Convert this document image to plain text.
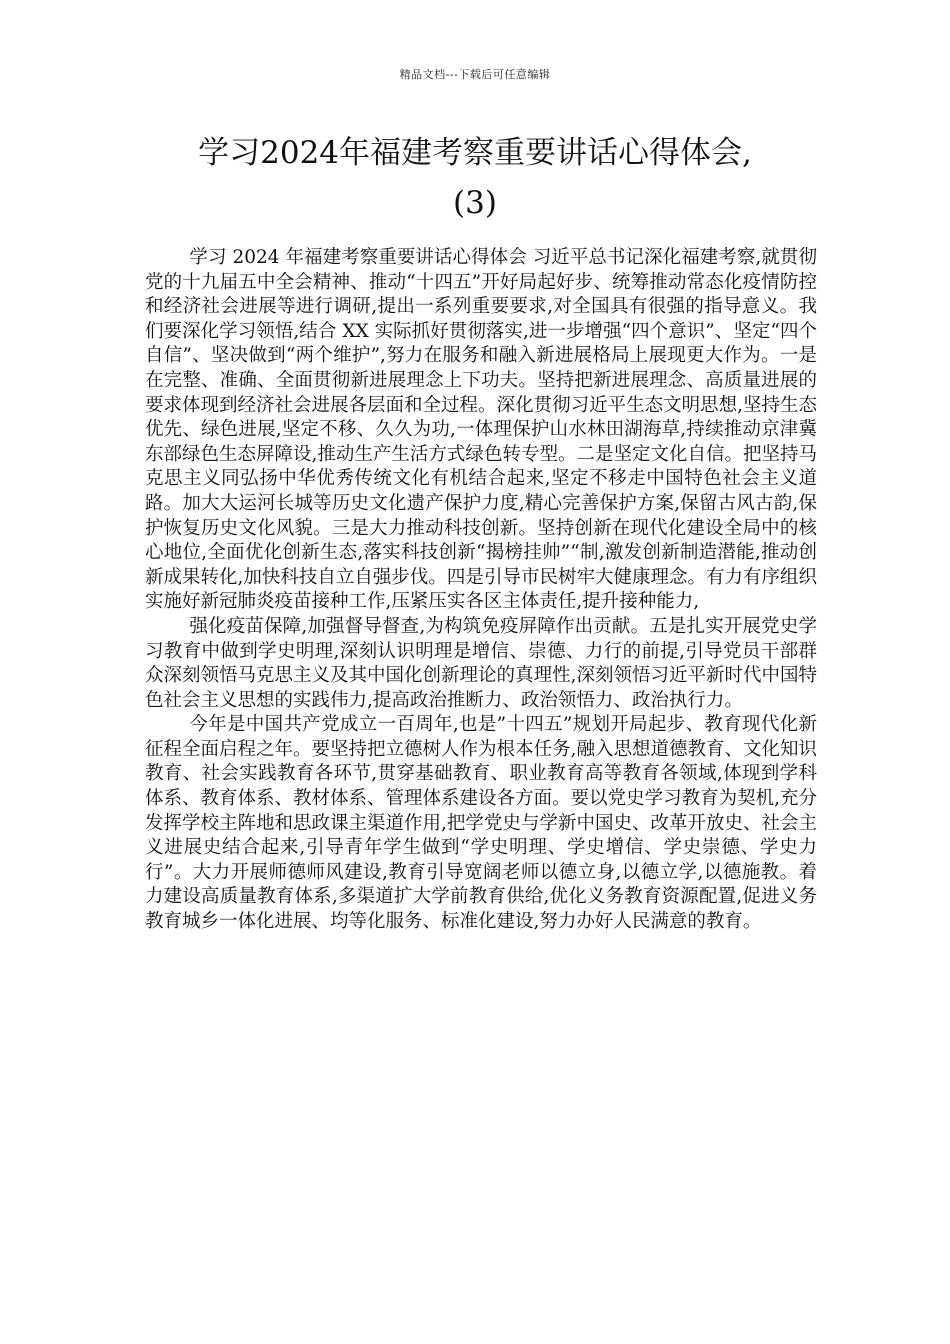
精品文档---下载后可任意编辑
学习2024年福建考察重要讲话心得体会,
(3)

学习 2024 年福建考察重要讲话心得体会 习近平总书记深化福建考察,就贯彻党的十九届五中全会精神、推动“十四五”开好局起好步、统筹推动常态化疫情防控和经济社会进展等进行调研,提出一系列重要要求,对全国具有很强的指导意义。我们要深化学习领悟,结合 XX 实际抓好贯彻落实,进一步增强“四个意识”、坚定“四个自信”、坚决做到“两个维护”,努力在服务和融入新进展格局上展现更大作为。一是在完整、准确、全面贯彻新进展理念上下功夫。坚持把新进展理念、高质量进展的要求体现到经济社会进展各层面和全过程。深化贯彻习近平生态文明思想,坚持生态优先、绿色进展,坚定不移、久久为功,一体理保护山水林田湖海草,持续推动京津冀东部绿色生态屏障设,推动生产生活方式绿色转专型。二是坚定文化自信。把坚持马克思主义同弘扬中华优秀传统文化有机结合起来,坚定不移走中国特色社会主义道路。加大大运河长城等历史文化遗产保护力度,精心完善保护方案,保留古风古韵,保护恢复历史文化风貌。三是大力推动科技创新。坚持创新在现代化建设全局中的核心地位,全面优化创新生态,落实科技创新“揭榜挂帅”“制,激发创新制造潜能,推动创新成果转化,加快科技自立自强步伐。四是引导市民树牢大健康理念。有力有序组织实施好新冠肺炎疫苗接种工作,压紧压实各区主体责任,提升接种能力,

强化疫苗保障,加强督导督查,为构筑免疫屏障作出贡献。五是扎实开展党史学习教育中做到学史明理,深刻认识明理是增信、崇德、力行的前提,引导党员干部群众深刻领悟马克思主义及其中国化创新理论的真理性,深刻领悟习近平新时代中国特色社会主义思想的实践伟力,提高政治推断力、政治领悟力、政治执行力。

今年是中国共产党成立一百周年,也是”十四五”规划开局起步、教育现代化新征程全面启程之年。要坚持把立德树人作为根本任务,融入思想道德教育、文化知识教育、社会实践教育各环节,贯穿基础教育、职业教育高等教育各领域,体现到学科体系、教育体系、教材体系、管理体系建设各方面。要以党史学习教育为契机,充分发挥学校主阵地和思政课主渠道作用,把学党史与学新中国史、改革开放史、社会主义进展史结合起来,引导青年学生做到“学史明理、学史增信、学史崇德、学史力行”。大力开展师德师风建设,教育引导宽阔老师以德立身,以德立学,以德施教。着力建设高质量教育体系,多渠道扩大学前教育供给,优化义务教育资源配置,促进义务教育城乡一体化进展、均等化服务、标准化建设,努力办好人民满意的教育。
